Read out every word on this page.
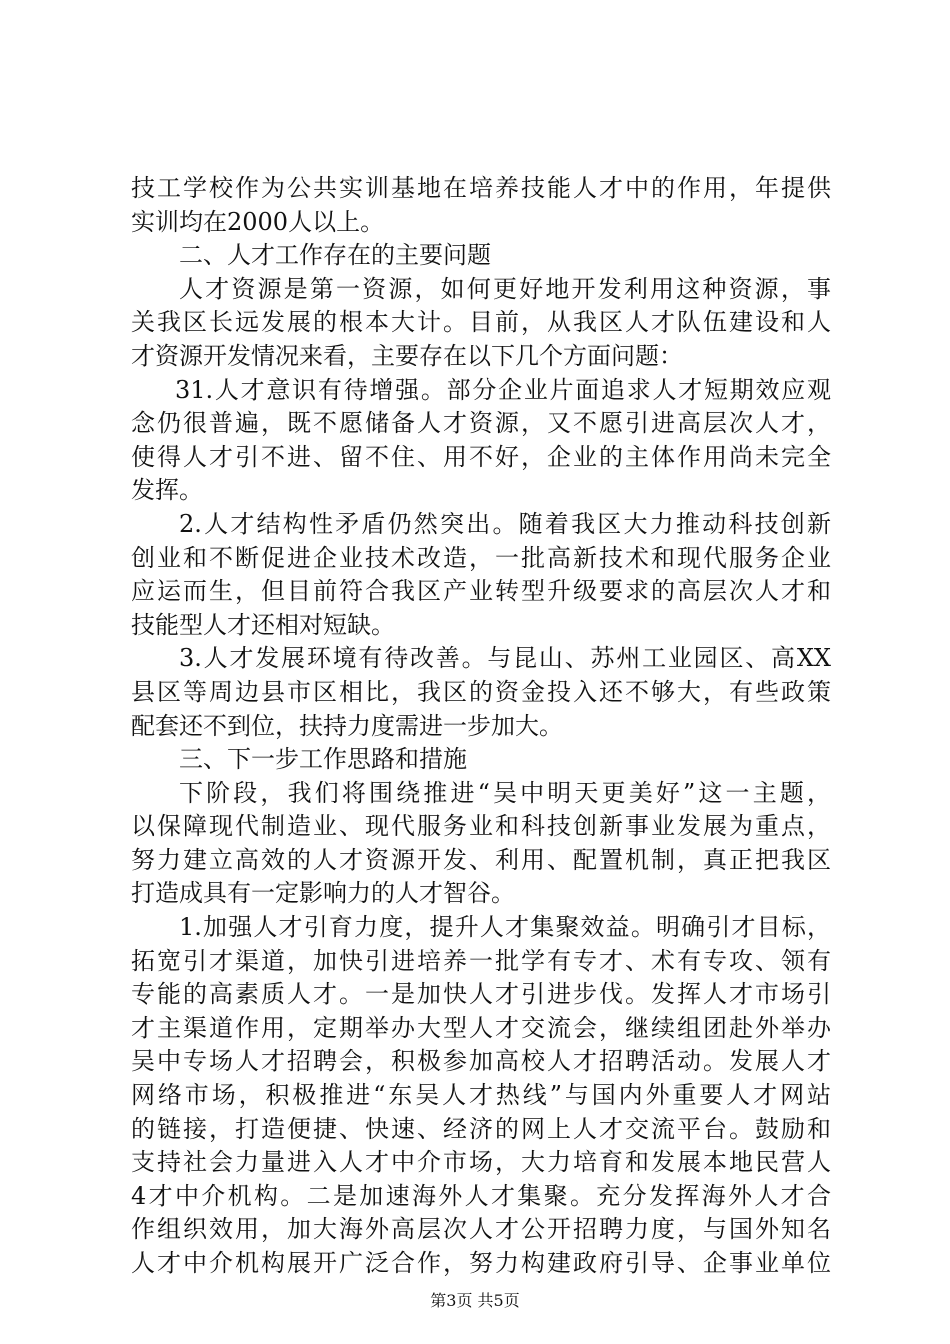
技工学校作为公共实训基地在培养技能人才中的作用，年提供
实训均在2000人以上。
二、人才工作存在的主要问题
人才资源是第一资源，如何更好地开发利用这种资源，事
关我区长远发展的根本大计。目前，从我区人才队伍建设和人
才资源开发情况来看，主要存在以下几个方面问题：
31.人才意识有待增强。部分企业片面追求人才短期效应观
念仍很普遍，既不愿储备人才资源，又不愿引进高层次人才，
使得人才引不进、留不住、用不好，企业的主体作用尚未完全
发挥。
2.人才结构性矛盾仍然突出。随着我区大力推动科技创新
创业和不断促进企业技术改造，一批高新技术和现代服务企业
应运而生，但目前符合我区产业转型升级要求的高层次人才和
技能型人才还相对短缺。
3.人才发展环境有待改善。与昆山、苏州工业园区、高XX
县区等周边县市区相比，我区的资金投入还不够大，有些政策
配套还不到位，扶持力度需进一步加大。
三、下一步工作思路和措施
下阶段，我们将围绕推进“吴中明天更美好”这一主题，
以保障现代制造业、现代服务业和科技创新事业发展为重点，
努力建立高效的人才资源开发、利用、配置机制，真正把我区
打造成具有一定影响力的人才智谷。
1.加强人才引育力度，提升人才集聚效益。明确引才目标，
拓宽引才渠道，加快引进培养一批学有专才、术有专攻、领有
专能的高素质人才。一是加快人才引进步伐。发挥人才市场引
才主渠道作用，定期举办大型人才交流会，继续组团赴外举办
吴中专场人才招聘会，积极参加高校人才招聘活动。发展人才
网络市场，积极推进“东吴人才热线”与国内外重要人才网站
的链接，打造便捷、快速、经济的网上人才交流平台。鼓励和
支持社会力量进入人才中介市场，大力培育和发展本地民营人
4才中介机构。二是加速海外人才集聚。充分发挥海外人才合
作组织效用，加大海外高层次人才公开招聘力度，与国外知名
人才中介机构展开广泛合作，努力构建政府引导、企事业单位
第3页 共5页
